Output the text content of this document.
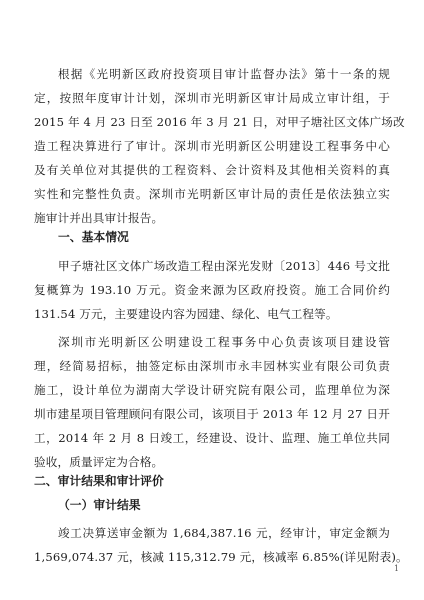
根据《光明新区政府投资项目审计监督办法》第十一条的规
定，按照年度审计计划，深圳市光明新区审计局成立审计组，于
2015 年 4 月 23 日至 2016 年 3 月 21 日，对甲子塘社区文体广场改
造工程决算进行了审计。深圳市光明新区公明建设工程事务中心
及有关单位对其提供的工程资料、会计资料及其他相关资料的真
实性和完整性负责。深圳市光明新区审计局的责任是依法独立实
施审计并出具审计报告。
一、基本情况
甲子塘社区文体广场改造工程由深光发财〔2013〕446 号文批
复概算为 193.10 万元。资金来源为区政府投资。施工合同价约
131.54 万元，主要建设内容为园建、绿化、电气工程等。
深圳市光明新区公明建设工程事务中心负责该项目建设管
理，经简易招标，抽签定标由深圳市永丰园林实业有限公司负责
施工，设计单位为湖南大学设计研究院有限公司，监理单位为深
圳市建星项目管理顾问有限公司，该项目于 2013 年 12 月 27 日开
工，2014 年 2 月 8 日竣工，经建设、设计、监理、施工单位共同
验收，质量评定为合格。
二、审计结果和审计评价
（一）审计结果
竣工决算送审金额为 1,684,387.16 元，经审计，审定金额为
1,569,074.37 元，核减 115,312.79 元，核减率 6.85%(详见附表)。
1
